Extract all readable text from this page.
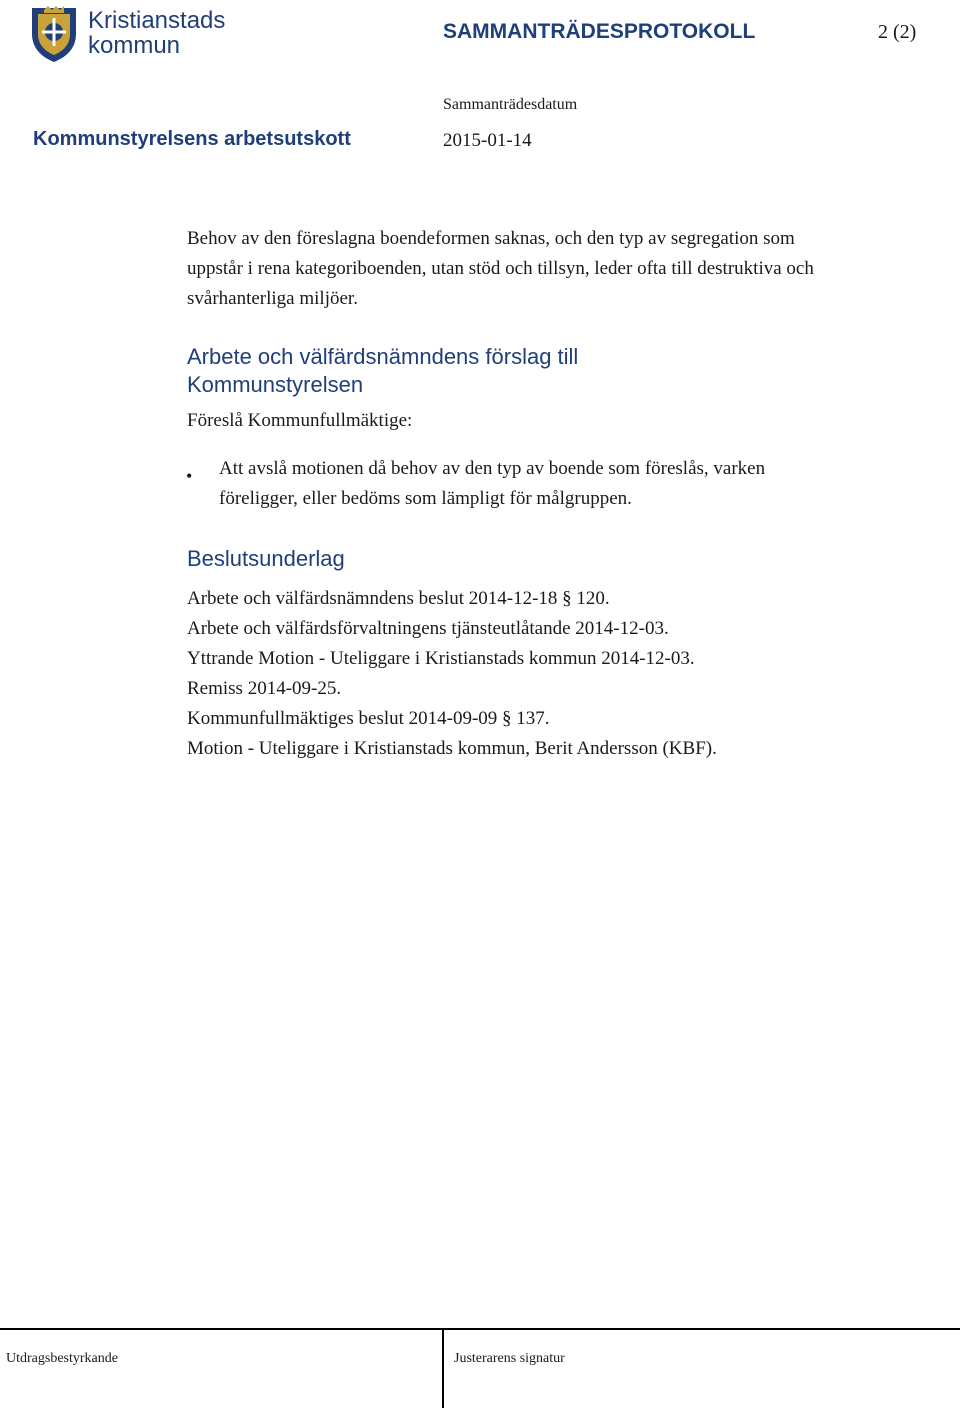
Kristianstads
kommun
SAMMANTRÄDESPROTOKOLL	2 (2)
Sammanträdesdatum
Kommunstyrelsens arbetsutskott	2015-01-14
Behov av den föreslagna boendeformen saknas, och den typ av segregation som uppstår i rena kategoriboenden, utan stöd och tillsyn, leder ofta till destruktiva och svårhanterliga miljöer.
Arbete och välfärdsnämndens förslag till Kommunstyrelsen
Föreslå Kommunfullmäktige:
• Att avslå motionen då behov av den typ av boende som föreslås, varken föreligger, eller bedöms som lämpligt för målgruppen.
Beslutsunderlag
Arbete och välfärdsnämndens beslut 2014-12-18 § 120.
Arbete och välfärdsförvaltningens tjänsteutlåtande 2014-12-03.
Yttrande Motion - Uteliggare i Kristianstads kommun 2014-12-03.
Remiss 2014-09-25.
Kommunfullmäktiges beslut 2014-09-09 § 137.
Motion - Uteliggare i Kristianstads kommun, Berit Andersson (KBF).
Utdragsbestyrkande	Justerarens signatur
